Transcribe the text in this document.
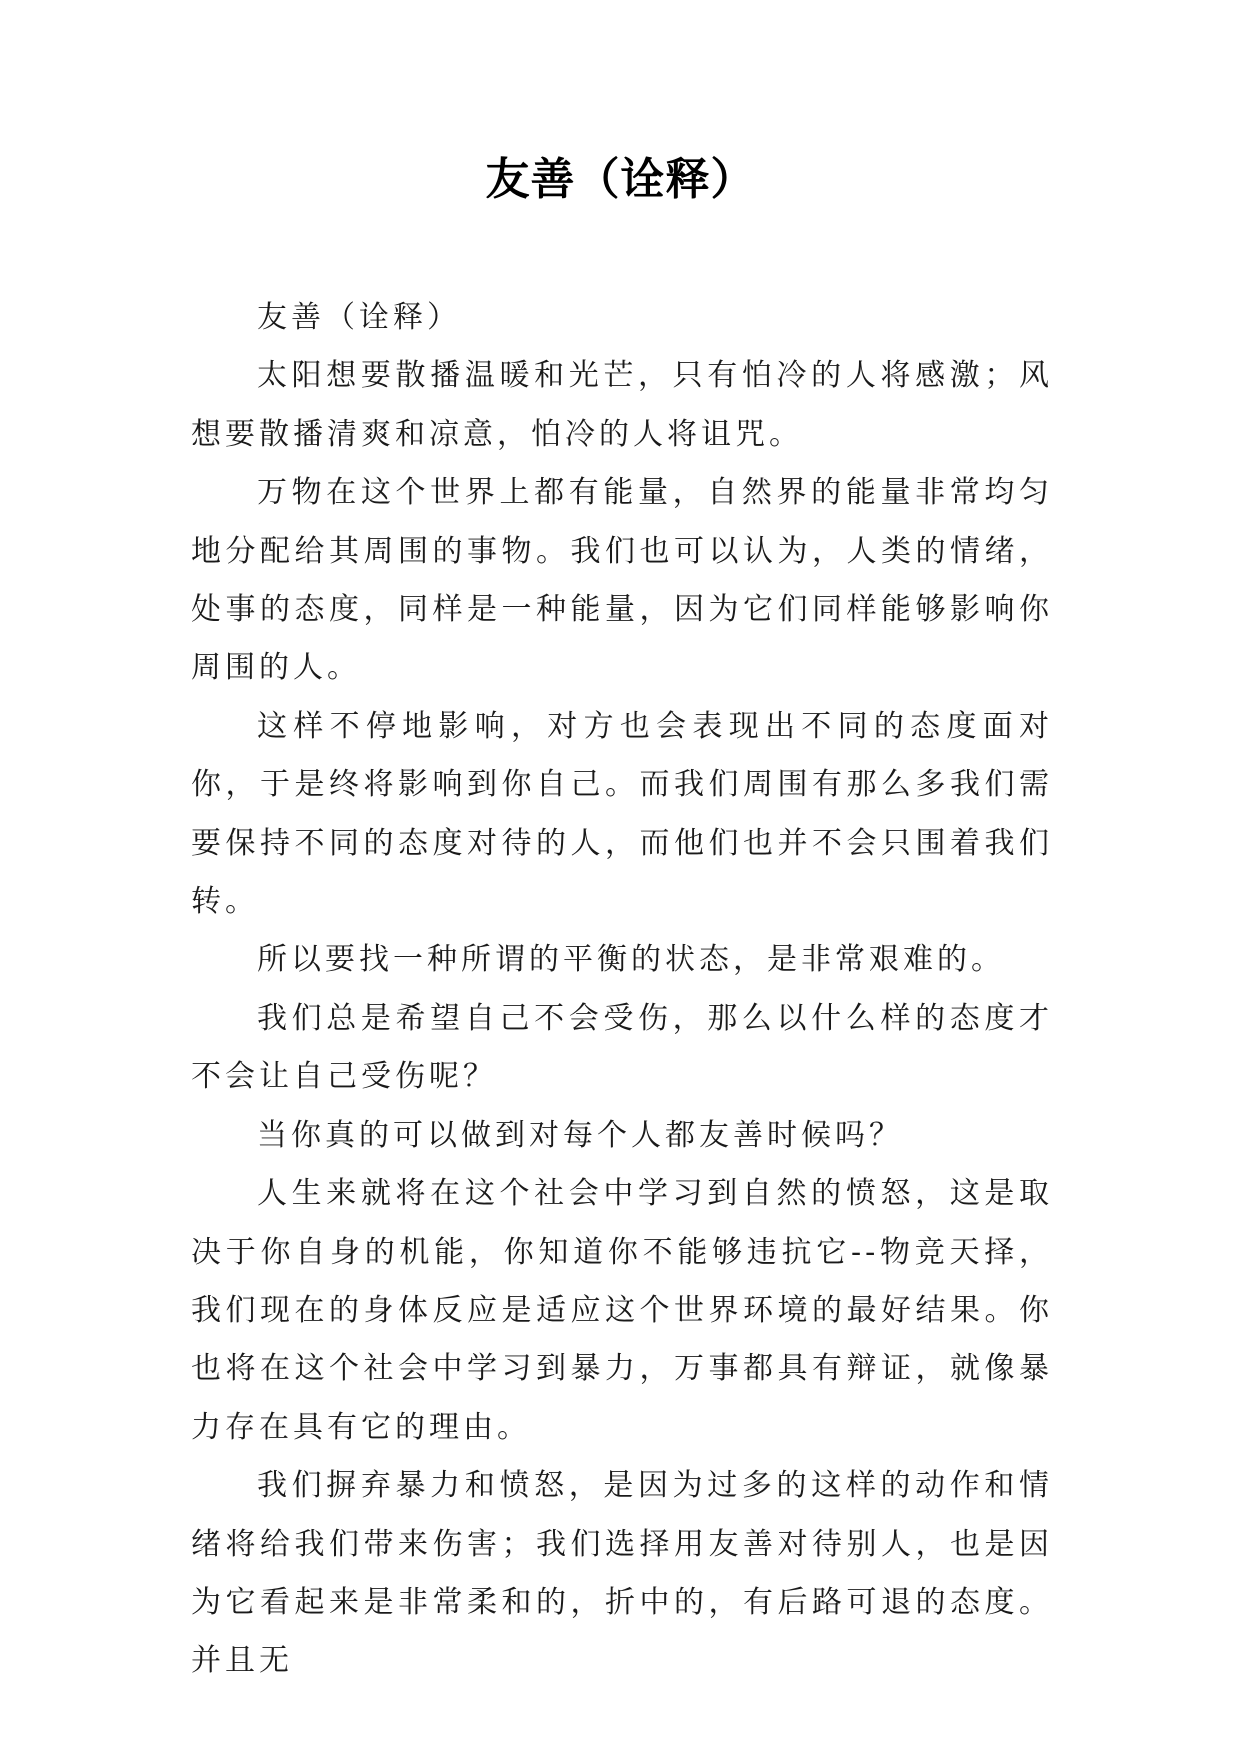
友善（诠释）

友善（诠释）

太阳想要散播温暖和光芒，只有怕冷的人将感激；风想要散播清爽和凉意，怕冷的人将诅咒。

万物在这个世界上都有能量，自然界的能量非常均匀地分配给其周围的事物。我们也可以认为，人类的情绪，处事的态度，同样是一种能量，因为它们同样能够影响你周围的人。

这样不停地影响，对方也会表现出不同的态度面对你，于是终将影响到你自己。而我们周围有那么多我们需要保持不同的态度对待的人，而他们也并不会只围着我们转。

所以要找一种所谓的平衡的状态，是非常艰难的。

我们总是希望自己不会受伤，那么以什么样的态度才不会让自己受伤呢？

当你真的可以做到对每个人都友善时候吗？

人生来就将在这个社会中学习到自然的愤怒，这是取决于你自身的机能，你知道你不能够违抗它--物竞天择，我们现在的身体反应是适应这个世界环境的最好结果。你也将在这个社会中学习到暴力，万事都具有辩证，就像暴力存在具有它的理由。

我们摒弃暴力和愤怒，是因为过多的这样的动作和情绪将给我们带来伤害；我们选择用友善对待别人，也是因为它看起来是非常柔和的，折中的，有后路可退的态度。并且无
